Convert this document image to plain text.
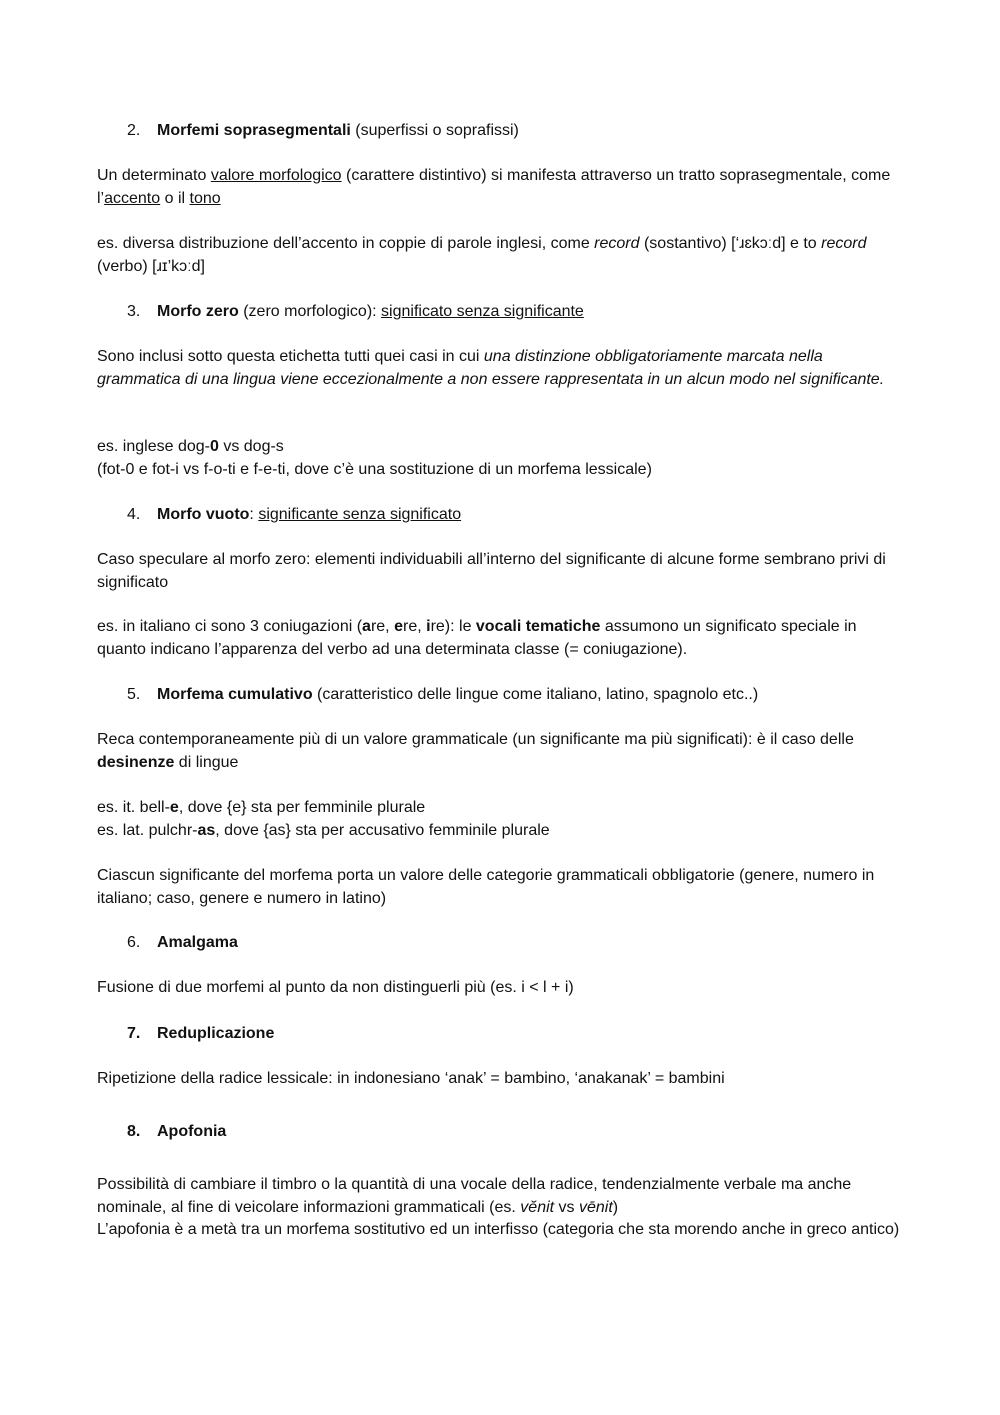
2. Morfemi soprasegmentali (superfissi o soprafissi)

Un determinato valore morfologico (carattere distintivo) si manifesta attraverso un tratto soprasegmentale, come l’accento o il tono

es. diversa distribuzione dell’accento in coppie di parole inglesi, come record (sostantivo) [‘ɹɛkɔːd] e to record (verbo) [ɹɪ’kɔːd]

3. Morfo zero (zero morfologico): significato senza significante

Sono inclusi sotto questa etichetta tutti quei casi in cui una distinzione obbligatoriamente marcata nella grammatica di una lingua viene eccezionalmente a non essere rappresentata in un alcun modo nel significante.

es. inglese dog-0 vs dog-s
(fot-0 e fot-i vs f-o-ti e f-e-ti, dove c’è una sostituzione di un morfema lessicale)

4. Morfo vuoto: significante senza significato

Caso speculare al morfo zero: elementi individuabili all’interno del significante di alcune forme sembrano privi di significato

es. in italiano ci sono 3 coniugazioni (are, ere, ire): le vocali tematiche assumono un significato speciale in quanto indicano l’apparenza del verbo ad una determinata classe (= coniugazione).

5. Morfema cumulativo (caratteristico delle lingue come italiano, latino, spagnolo etc..)

Reca contemporaneamente più di un valore grammaticale (un significante ma più significati): è il caso delle desinenze di lingue

es. it. bell-e, dove {e} sta per femminile plurale
es. lat. pulchr-as, dove {as} sta per accusativo femminile plurale

Ciascun significante del morfema porta un valore delle categorie grammaticali obbligatorie (genere, numero in italiano; caso, genere e numero in latino)

6. Amalgama

Fusione di due morfemi al punto da non distinguerli più (es. i < l + i)

7. Reduplicazione

Ripetizione della radice lessicale: in indonesiano ‘anak’ = bambino, ‘anakanak’ = bambini

8. Apofonia

Possibilità di cambiare il timbro o la quantità di una vocale della radice, tendenzialmente verbale ma anche nominale, al fine di veicolare informazioni grammaticali (es. vĕnit vs vēnit)
L’apofonia è a metà tra un morfema sostitutivo ed un interfisso (categoria che sta morendo anche in greco antico)
